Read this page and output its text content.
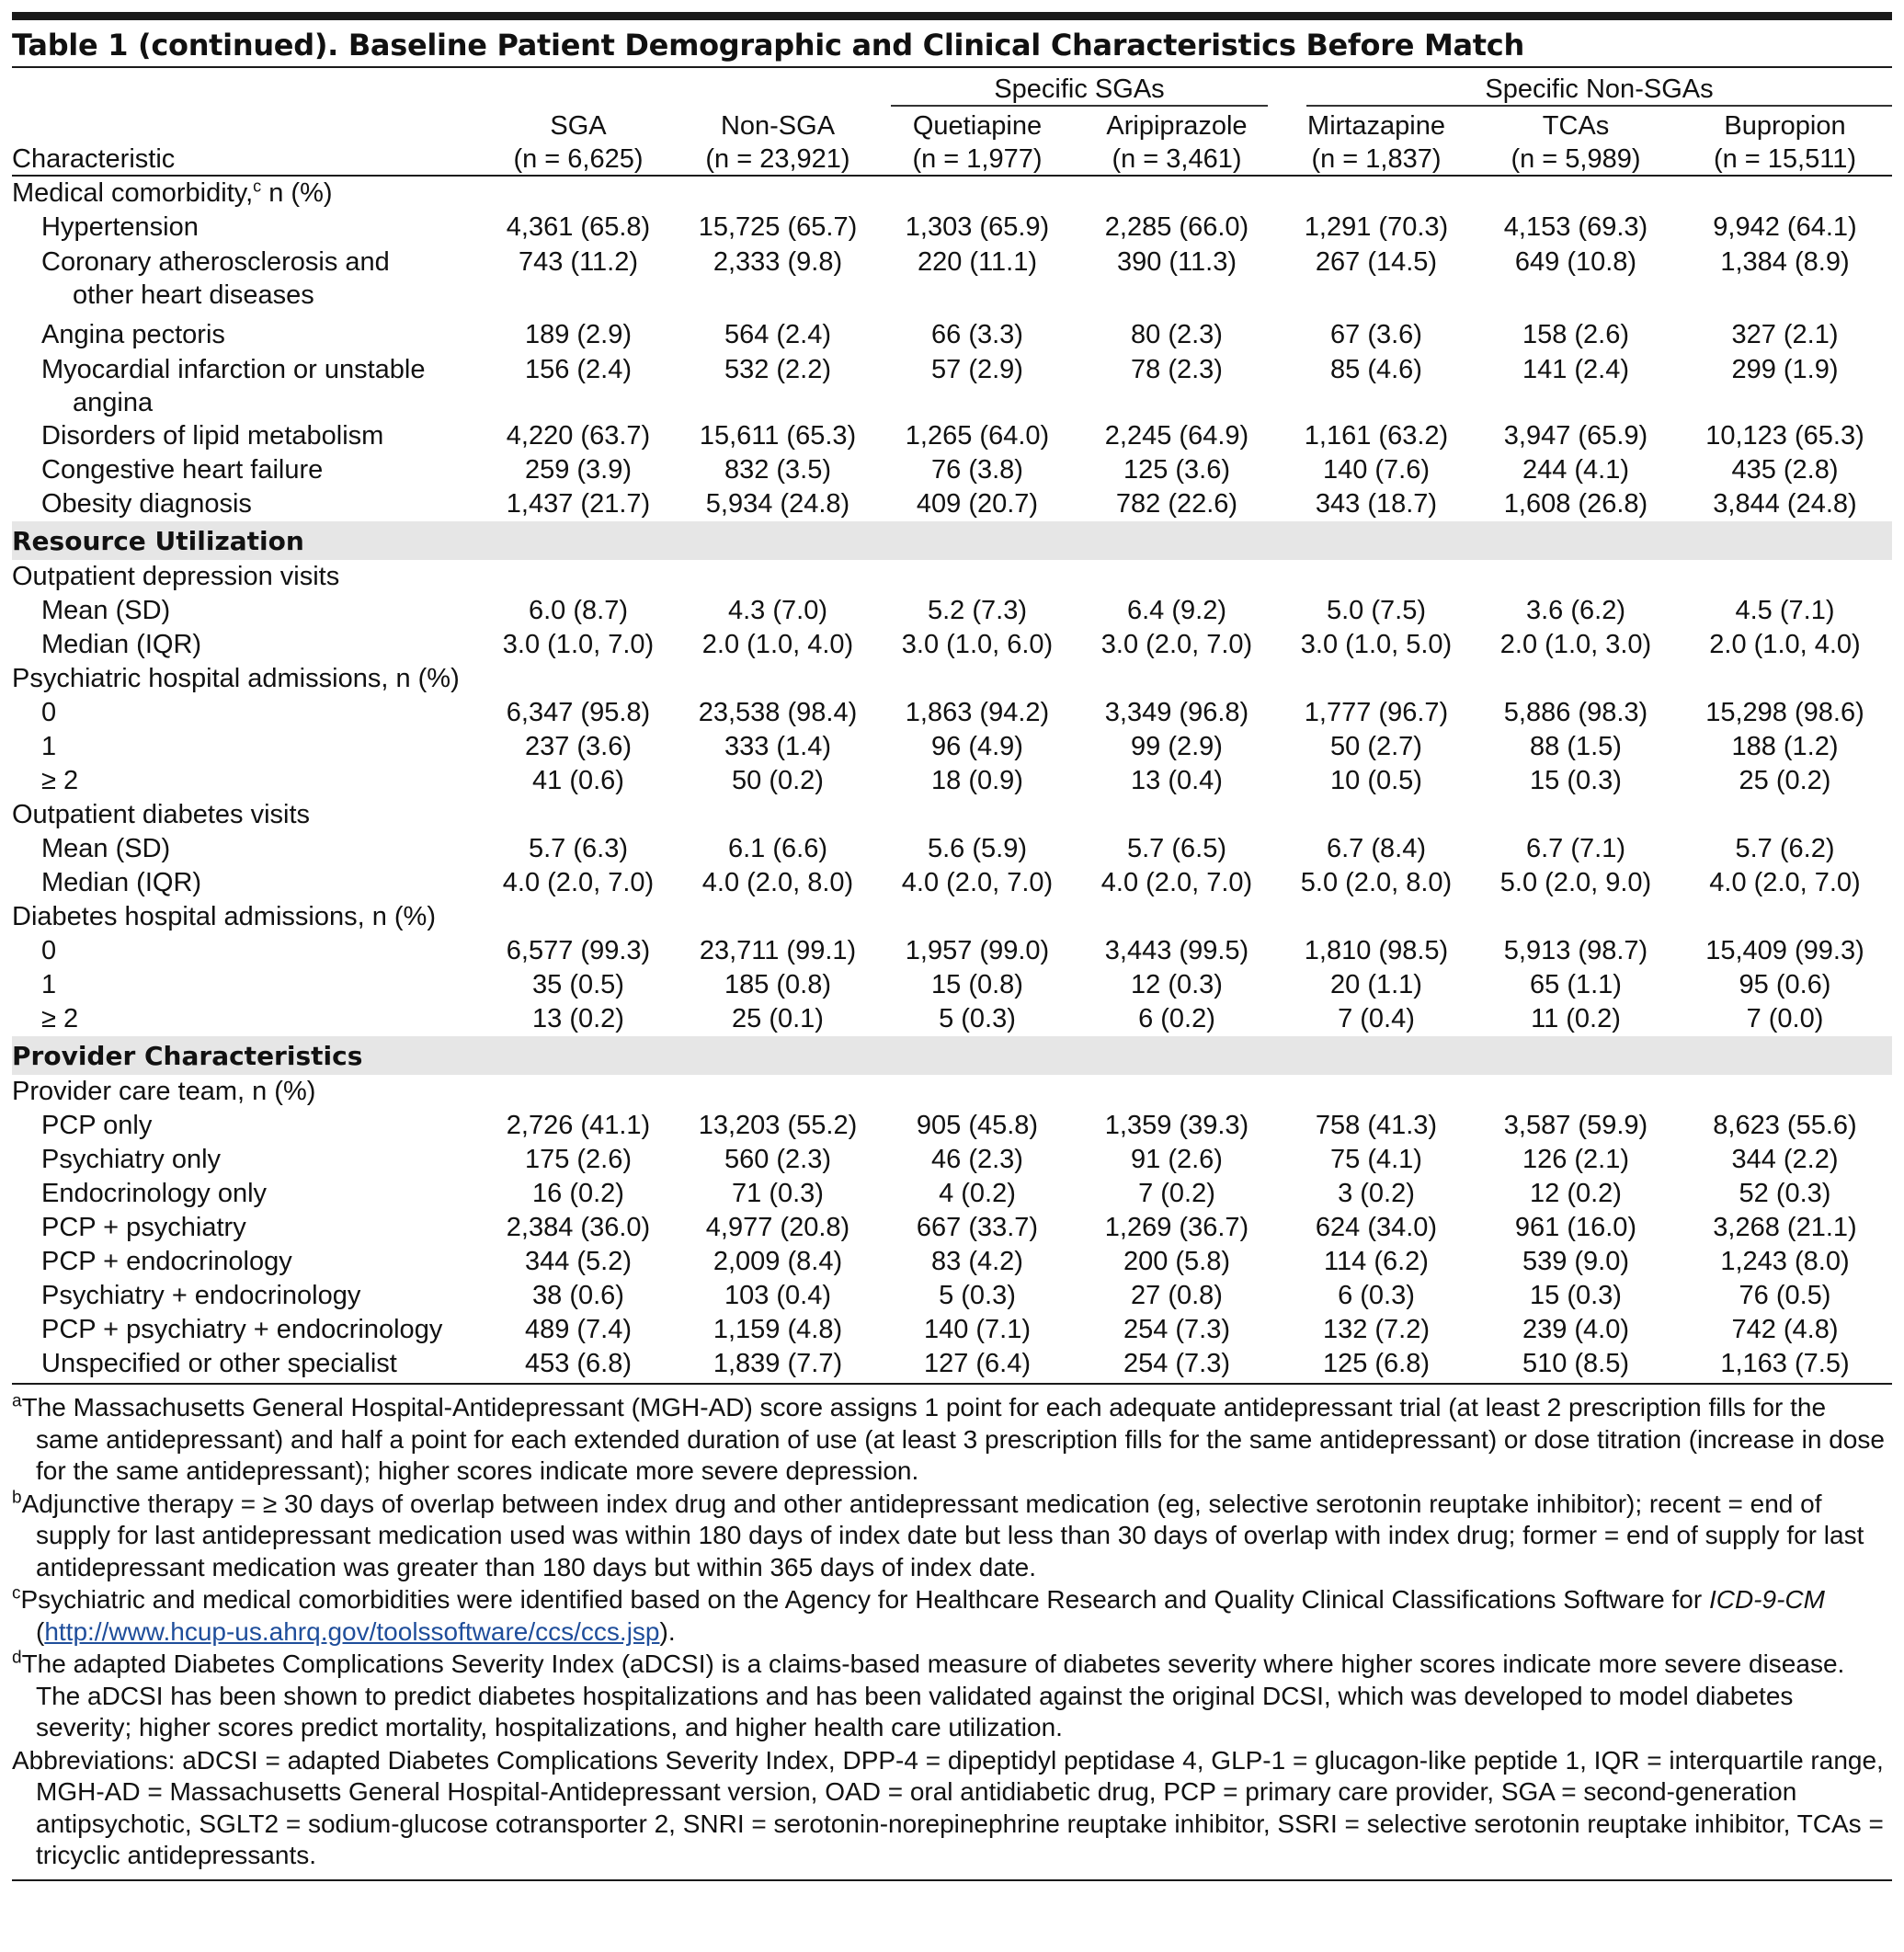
Table 1 (continued). Baseline Patient Demographic and Clinical Characteristics Before Match
			Specific SGAs		Specific Non-SGAs		
	SGA	Non-SGA	Quetiapine	Aripiprazole	Mirtazapine	TCAs	Bupropion
Characteristic	(n = 6,625)	(n = 23,921)	(n = 1,977)	(n = 3,461)	(n = 1,837)	(n = 5,989)	(n = 15,511)
Medical comorbidity,$^c$ n (%)							
Hypertension	4,361 (65.8)	15,725 (65.7)	1,303 (65.9)	2,285 (66.0)	1,291 (70.3)	4,153 (69.3)	9,942 (64.1)
Coronary atherosclerosis and
other heart diseases	743 (11.2)	2,333 (9.8)	220 (11.1)	390 (11.3)	267 (14.5)	649 (10.8)	1,384 (8.9)
Angina pectoris	189 (2.9)	564 (2.4)	66 (3.3)	80 (2.3)	67 (3.6)	158 (2.6)	327 (2.1)
Myocardial infarction or unstable
angina	156 (2.4)	532 (2.2)	57 (2.9)	78 (2.3)	85 (4.6)	141 (2.4)	299 (1.9)
Disorders of lipid metabolism	4,220 (63.7)	15,611 (65.3)	1,265 (64.0)	2,245 (64.9)	1,161 (63.2)	3,947 (65.9)	10,123 (65.3)
Congestive heart failure	259 (3.9)	832 (3.5)	76 (3.8)	125 (3.6)	140 (7.6)	244 (4.1)	435 (2.8)
Obesity diagnosis	1,437 (21.7)	5,934 (24.8)	409 (20.7)	782 (22.6)	343 (18.7)	1,608 (26.8)	3,844 (24.8)
Resource Utilization							
Outpatient depression visits							
Mean (SD)	6.0 (8.7)	4.3 (7.0)	5.2 (7.3)	6.4 (9.2)	5.0 (7.5)	3.6 (6.2)	4.5 (7.1)
Median (IQR)	3.0 (1.0, 7.0)	2.0 (1.0, 4.0)	3.0 (1.0, 6.0)	3.0 (2.0, 7.0)	3.0 (1.0, 5.0)	2.0 (1.0, 3.0)	2.0 (1.0, 4.0)
Psychiatric hospital admissions, n (%)							
0	6,347 (95.8)	23,538 (98.4)	1,863 (94.2)	3,349 (96.8)	1,777 (96.7)	5,886 (98.3)	15,298 (98.6)
1	237 (3.6)	333 (1.4)	96 (4.9)	99 (2.9)	50 (2.7)	88 (1.5)	188 (1.2)
≥ 2	41 (0.6)	50 (0.2)	18 (0.9)	13 (0.4)	10 (0.5)	15 (0.3)	25 (0.2)
Outpatient diabetes visits							
Mean (SD)	5.7 (6.3)	6.1 (6.6)	5.6 (5.9)	5.7 (6.5)	6.7 (8.4)	6.7 (7.1)	5.7 (6.2)
Median (IQR)	4.0 (2.0, 7.0)	4.0 (2.0, 8.0)	4.0 (2.0, 7.0)	4.0 (2.0, 7.0)	5.0 (2.0, 8.0)	5.0 (2.0, 9.0)	4.0 (2.0, 7.0)
Diabetes hospital admissions, n (%)							
0	6,577 (99.3)	23,711 (99.1)	1,957 (99.0)	3,443 (99.5)	1,810 (98.5)	5,913 (98.7)	15,409 (99.3)
1	35 (0.5)	185 (0.8)	15 (0.8)	12 (0.3)	20 (1.1)	65 (1.1)	95 (0.6)
≥ 2	13 (0.2)	25 (0.1)	5 (0.3)	6 (0.2)	7 (0.4)	11 (0.2)	7 (0.0)
Provider Characteristics							
Provider care team, n (%)							
PCP only	2,726 (41.1)	13,203 (55.2)	905 (45.8)	1,359 (39.3)	758 (41.3)	3,587 (59.9)	8,623 (55.6)
Psychiatry only	175 (2.6)	560 (2.3)	46 (2.3)	91 (2.6)	75 (4.1)	126 (2.1)	344 (2.2)
Endocrinology only	16 (0.2)	71 (0.3)	4 (0.2)	7 (0.2)	3 (0.2)	12 (0.2)	52 (0.3)
PCP + psychiatry	2,384 (36.0)	4,977 (20.8)	667 (33.7)	1,269 (36.7)	624 (34.0)	961 (16.0)	3,268 (21.1)
PCP + endocrinology	344 (5.2)	2,009 (8.4)	83 (4.2)	200 (5.8)	114 (6.2)	539 (9.0)	1,243 (8.0)
Psychiatry + endocrinology	38 (0.6)	103 (0.4)	5 (0.3)	27 (0.8)	6 (0.3)	15 (0.3)	76 (0.5)
PCP + psychiatry + endocrinology	489 (7.4)	1,159 (4.8)	140 (7.1)	254 (7.3)	132 (7.2)	239 (4.0)	742 (4.8)
Unspecified or other specialist	453 (6.8)	1,839 (7.7)	127 (6.4)	254 (7.3)	125 (6.8)	510 (8.5)	1,163 (7.5)
$^a$The Massachusetts General Hospital-Antidepressant (MGH-AD) score assigns 1 point for each adequate antidepressant trial (at least 2 prescription fills for the same antidepressant) and half a point for each extended duration of use (at least 3 prescription fills for the same antidepressant) or dose titration (increase in dose for the same antidepressant); higher scores indicate more severe depression.
$^b$Adjunctive therapy = ≥ 30 days of overlap between index drug and other antidepressant medication (eg, selective serotonin reuptake inhibitor); recent = end of supply for last antidepressant medication used was within 180 days of index date but less than 30 days of overlap with index drug; former = end of supply for last antidepressant medication was greater than 180 days but within 365 days of index date.
$^c$Psychiatric and medical comorbidities were identified based on the Agency for Healthcare Research and Quality Clinical Classifications Software for ICD-9-CM
(http://www.hcup-us.ahrq.gov/toolssoftware/ccs/ccs.jsp).
$^d$The adapted Diabetes Complications Severity Index (aDCSI) is a claims-based measure of diabetes severity where higher scores indicate more severe disease. The aDCSI has been shown to predict diabetes hospitalizations and has been validated against the original DCSI, which was developed to model diabetes severity; higher scores predict mortality, hospitalizations, and higher health care utilization.
Abbreviations: aDCSI = adapted Diabetes Complications Severity Index, DPP-4 = dipeptidyl peptidase 4, GLP-1 = glucagon-like peptide 1, IQR = interquartile range, MGH-AD = Massachusetts General Hospital-Antidepressant version, OAD = oral antidiabetic drug, PCP = primary care provider, SGA = second-generation antipsychotic, SGLT2 = sodium-glucose cotransporter 2, SNRI = serotonin-norepinephrine reuptake inhibitor, SSRI = selective serotonin reuptake inhibitor, TCAs = tricyclic antidepressants.
